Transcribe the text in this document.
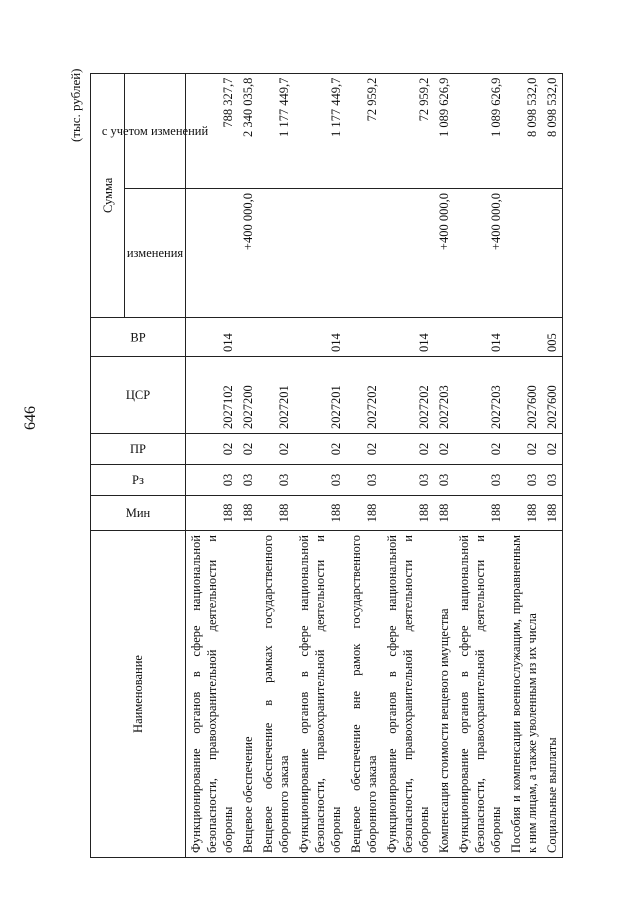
646
(тыс. рублей)
Наименование	Мин	Рз	ПР	ЦСР	ВР	Сумма	
						изменения	с учетом изменений
Функционирование органов в сфере национальной безопасности, правоохранительной деятельности и обороны	188	03	02	2027102	014		788 327,7
Вещевое обеспечение	188	03	02	2027200		+400 000,0	2 340 035,8
Вещевое обеспечение в рамках государственного оборонного заказа	188	03	02	2027201			1 177 449,7
Функционирование органов в сфере национальной безопасности, правоохранительной деятельности и обороны	188	03	02	2027201	014		1 177 449,7
Вещевое обеспечение вне рамок государственного оборонного заказа	188	03	02	2027202			72 959,2
Функционирование органов в сфере национальной безопасности, правоохранительной деятельности и обороны	188	03	02	2027202	014		72 959,2
Компенсация стоимости вещевого имущества	188	03	02	2027203		+400 000,0	1 089 626,9
Функционирование органов в сфере национальной безопасности, правоохранительной деятельности и обороны	188	03	02	2027203	014	+400 000,0	1 089 626,9
Пособия и компенсации военнослужащим, приравненным к ним лицам, а также уволенным из их числа	188	03	02	2027600			8 098 532,0
Социальные выплаты	188	03	02	2027600	005		8 098 532,0
